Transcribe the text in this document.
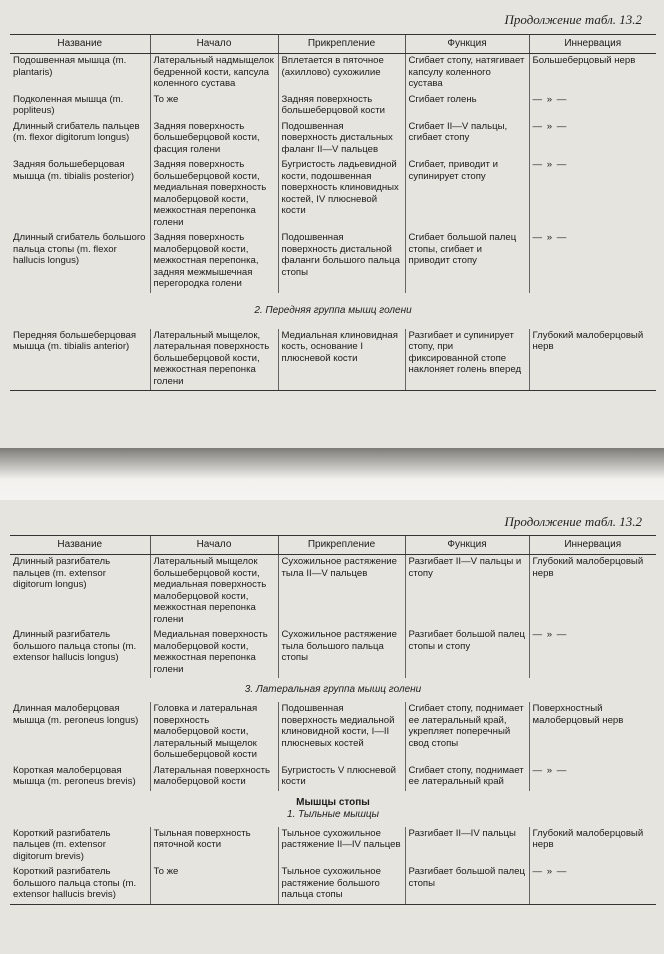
Продолжение табл. 13.2
Название	Начало	Прикрепление	Функция	Иннервация
Подошвенная мышца (m. plantaris)	Латеральный надмыщелок бедренной кости, капсула коленного сустава	Вплетается в пяточное (ахиллово) сухожилие	Сгибает стопу, натягивает капсулу коленного сустава	Большеберцовый нерв
Подколенная мышца (m. popliteus)	То же	Задняя поверхность большеберцовой кости	Сгибает голень	— » —
Длинный сгибатель пальцев (m. flexor digitorum longus)	Задняя поверхность большеберцовой кости, фасция голени	Подошвенная поверхность дистальных фаланг II—V пальцев	Сгибает II—V пальцы, сгибает стопу	— » —
Задняя большеберцовая мышца (m. tibialis posterior)	Задняя поверхность большеберцовой кости, медиальная поверхность малоберцовой кости, межкостная перепонка голени	Бугристость ладьевидной кости, подошвенная поверхность клиновидных костей, IV плюсневой кости	Сгибает, приводит и супинирует стопу	— » —
Длинный сгибатель большого пальца стопы (m. flexor hallucis longus)	Задняя поверхность малоберцовой кости, межкостная перепонка, задняя межмышечная перегородка голени	Подошвенная поверхность дистальной фаланги большого пальца стопы	Сгибает большой палец стопы, сгибает и приводит стопу	— » —
2. Передняя группа мышц голени				
Передняя большеберцовая мышца (m. tibialis anterior)	Латеральный мыщелок, латеральная поверхность большеберцовой кости, межкостная перепонка голени	Медиальная клиновидная кость, основание I плюсневой кости	Разгибает и супинирует стопу, при фиксированной стопе наклоняет голень вперед	Глубокий малоберцовый нерв
Продолжение табл. 13.2
Название	Начало	Прикрепление	Функция	Иннервация
Длинный разгибатель пальцев (m. extensor digitorum longus)	Латеральный мыщелок большеберцовой кости, медиальная поверхность малоберцовой кости, межкостная перепонка голени	Сухожильное растяжение тыла II—V пальцев	Разгибает II—V пальцы и стопу	Глубокий малоберцовый нерв
Длинный разгибатель большого пальца стопы (m. extensor hallucis longus)	Медиальная поверхность малоберцовой кости, межкостная перепонка голени	Сухожильное растяжение тыла большого пальца стопы	Разгибает большой палец стопы и стопу	— » —
3. Латеральная группа мышц голени				
Длинная малоберцовая мышца (m. peroneus longus)	Головка и латеральная поверхность малоберцовой кости, латеральный мыщелок большеберцовой кости	Подошвенная поверхность медиальной клиновидной кости, I—II плюсневых костей	Сгибает стопу, поднимает ее латеральный край, укрепляет поперечный свод стопы	Поверхностный малоберцовый нерв
Короткая малоберцовая мышца (m. peroneus brevis)	Латеральная поверхность малоберцовой кости	Бугристость V плюсневой кости	Сгибает стопу, поднимает ее латеральный край	— » —
Мышцы стопы				
1. Тыльные мышцы				
Короткий разгибатель пальцев (m. extensor digitorum brevis)	Тыльная поверхность пяточной кости	Тыльное сухожильное растяжение II—IV пальцев	Разгибает II—IV пальцы	Глубокий малоберцовый нерв
Короткий разгибатель большого пальца стопы (m. extensor hallucis brevis)	То же	Тыльное сухожильное растяжение большого пальца стопы	Разгибает большой палец стопы	— » —
